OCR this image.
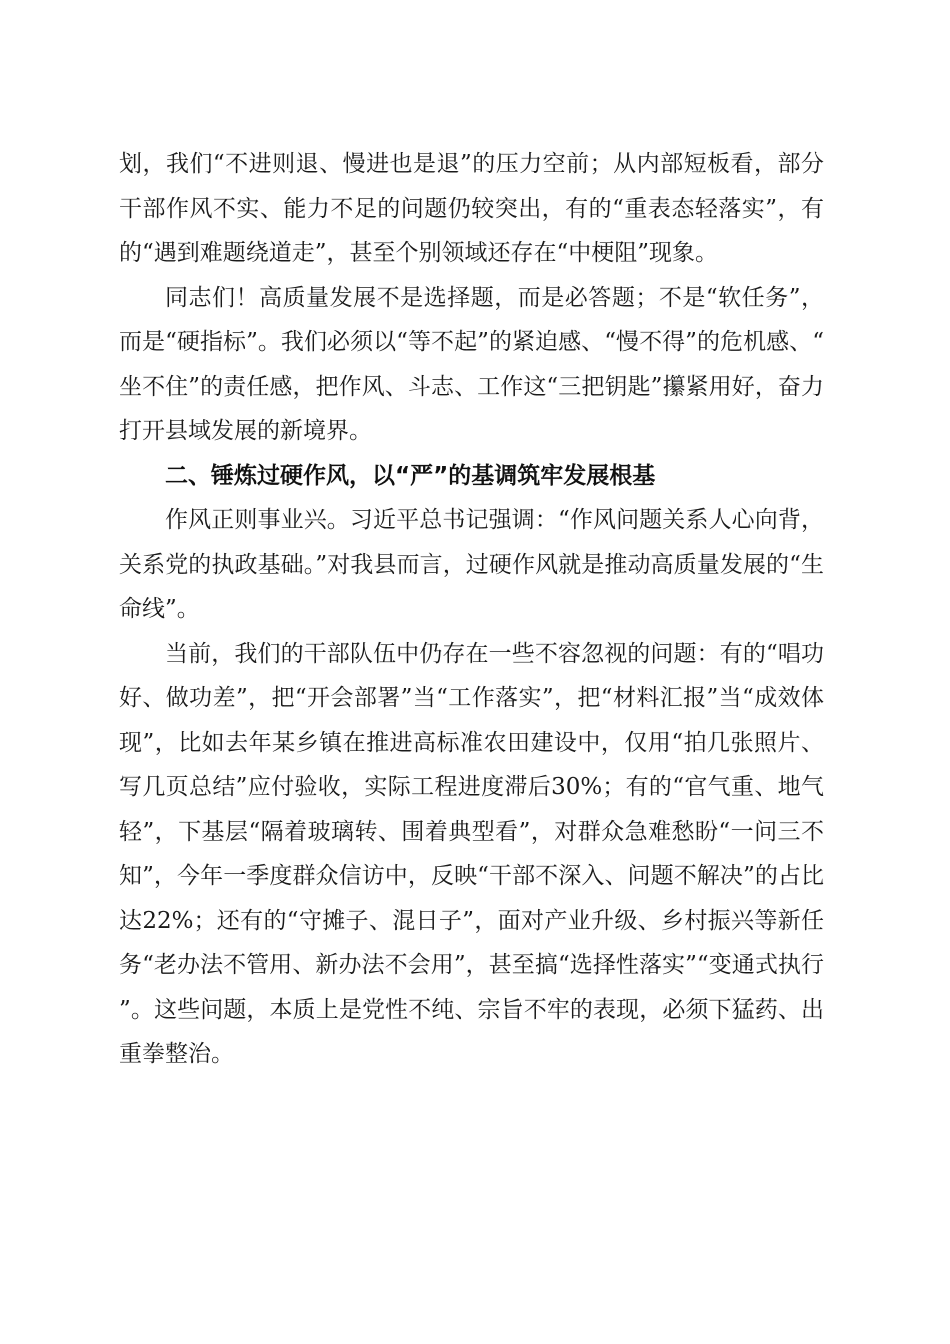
划，我们“不进则退、慢进也是退”的压力空前；从内部短板看，部分干部作风不实、能力不足的问题仍较突出，有的“重表态轻落实”，有的“遇到难题绕道走”，甚至个别领域还存在“中梗阻”现象。

同志们！高质量发展不是选择题，而是必答题；不是“软任务”，而是“硬指标”。我们必须以“等不起”的紧迫感、“慢不得”的危机感、“坐不住”的责任感，把作风、斗志、工作这“三把钥匙”攥紧用好，奋力打开县域发展的新境界。

二、锤炼过硬作风，以“严”的基调筑牢发展根基

作风正则事业兴。习近平总书记强调：“作风问题关系人心向背，关系党的执政基础。”对我县而言，过硬作风就是推动高质量发展的“生命线”。

当前，我们的干部队伍中仍存在一些不容忽视的问题：有的“唱功好、做功差”，把“开会部署”当“工作落实”，把“材料汇报”当“成效体现”，比如去年某乡镇在推进高标准农田建设中，仅用“拍几张照片、写几页总结”应付验收，实际工程进度滞后30%；有的“官气重、地气轻”，下基层“隔着玻璃转、围着典型看”，对群众急难愁盼“一问三不知”，今年一季度群众信访中，反映“干部不深入、问题不解决”的占比达22%；还有的“守摊子、混日子”，面对产业升级、乡村振兴等新任务“老办法不管用、新办法不会用”，甚至搞“选择性落实”“变通式执行”。这些问题，本质上是党性不纯、宗旨不牢的表现，必须下猛药、出重拳整治。
